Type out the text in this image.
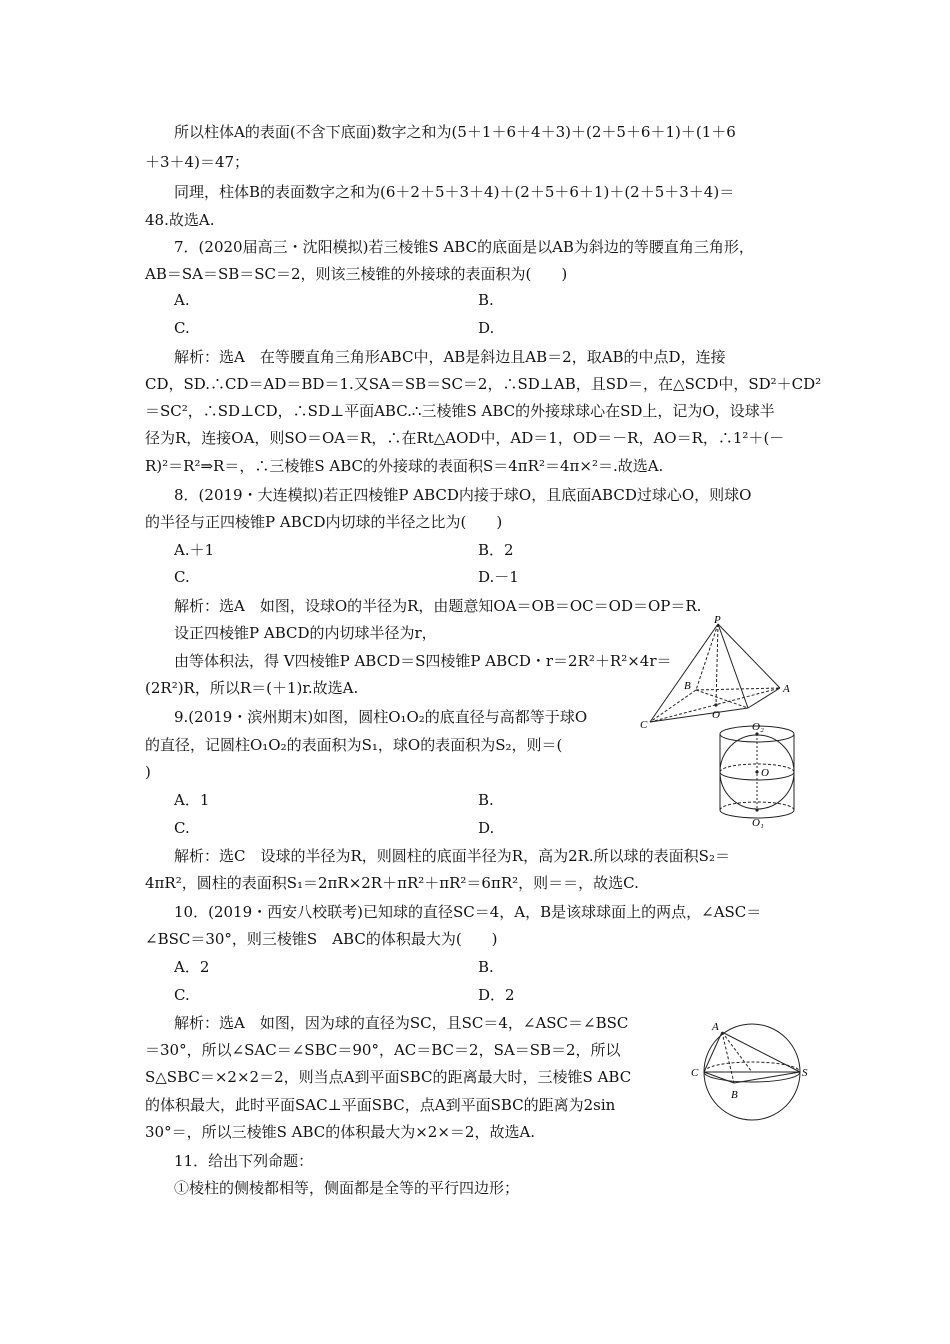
所以柱体A的表面(不含下底面)数字之和为(5＋1＋6＋4＋3)＋(2＋5＋6＋1)＋(1＋6
＋3＋4)＝47；
同理，柱体B的表面数字之和为(6＋2＋5＋3＋4)＋(2＋5＋6＋1)＋(2＋5＋3＋4)＝
48.故选A.
7．(2020届高三・沈阳模拟)若三棱锥S ABC的底面是以AB为斜边的等腰直角三角形，
AB＝SA＝SB＝SC＝2，则该三棱锥的外接球的表面积为(　　)
A.	B.
C.	D.
解析：选A　在等腰直角三角形ABC中，AB是斜边且AB＝2，取AB的中点D，连接
CD，SD.∴CD＝AD＝BD＝1.又SA＝SB＝SC＝2，∴SD⊥AB，且SD＝，在△SCD中，SD²＋CD²
＝SC²，∴SD⊥CD，∴SD⊥平面ABC.∴三棱锥S ABC的外接球球心在SD上，记为O，设球半
径为R，连接OA，则SO＝OA＝R，∴在Rt△AOD中，AD＝1，OD＝－R，AO＝R，∴1²＋(－
R)²＝R²⇒R＝，∴三棱锥S ABC的外接球的表面积S＝4πR²＝4π×²＝.故选A.
8．(2019・大连模拟)若正四棱锥P ABCD内接于球O，且底面ABCD过球心O，则球O
的半径与正四棱锥P ABCD内切球的半径之比为(　　)
A.＋1	B．2
C.	D.－1
解析：选A　如图，设球O的半径为R，由题意知OA＝OB＝OC＝OD＝OP＝R.
设正四棱锥P ABCD的内切球半径为r，
由等体积法，得 V四棱锥P ABCD＝S四棱锥P ABCD・r＝2R²＋R²×4r＝
(2R²)R，所以R＝(＋1)r.故选A.
9.(2019・滨州期末)如图，圆柱O₁O₂的底直径与高都等于球O
的直径，记圆柱O₁O₂的表面积为S₁，球O的表面积为S₂，则＝(
)
A．1	B.
C.	D.
解析：选C　设球的半径为R，则圆柱的底面半径为R，高为2R.所以球的表面积S₂＝
4πR²，圆柱的表面积S₁＝2πR×2R＋πR²＋πR²＝6πR²，则＝＝，故选C.
10．(2019・西安八校联考)已知球的直径SC＝4，A，B是该球球面上的两点，∠ASC＝
∠BSC＝30°，则三棱锥S　ABC的体积最大为(　　)
A．2	B.
C.	D．2
解析：选A　如图，因为球的直径为SC，且SC＝4，∠ASC＝∠BSC
＝30°，所以∠SAC＝∠SBC＝90°，AC＝BC＝2，SA＝SB＝2，所以
S△SBC＝×2×2＝2，则当点A到平面SBC的距离最大时，三棱锥S ABC
的体积最大，此时平面SAC⊥平面SBC，点A到平面SBC的距离为2sin
30°＝，所以三棱锥S ABC的体积最大为×2×＝2，故选A.
11．给出下列命题：
①棱柱的侧棱都相等，侧面都是全等的平行四边形；
P
B	A
C
O
O₂
O
O₁
A
C	S
B
